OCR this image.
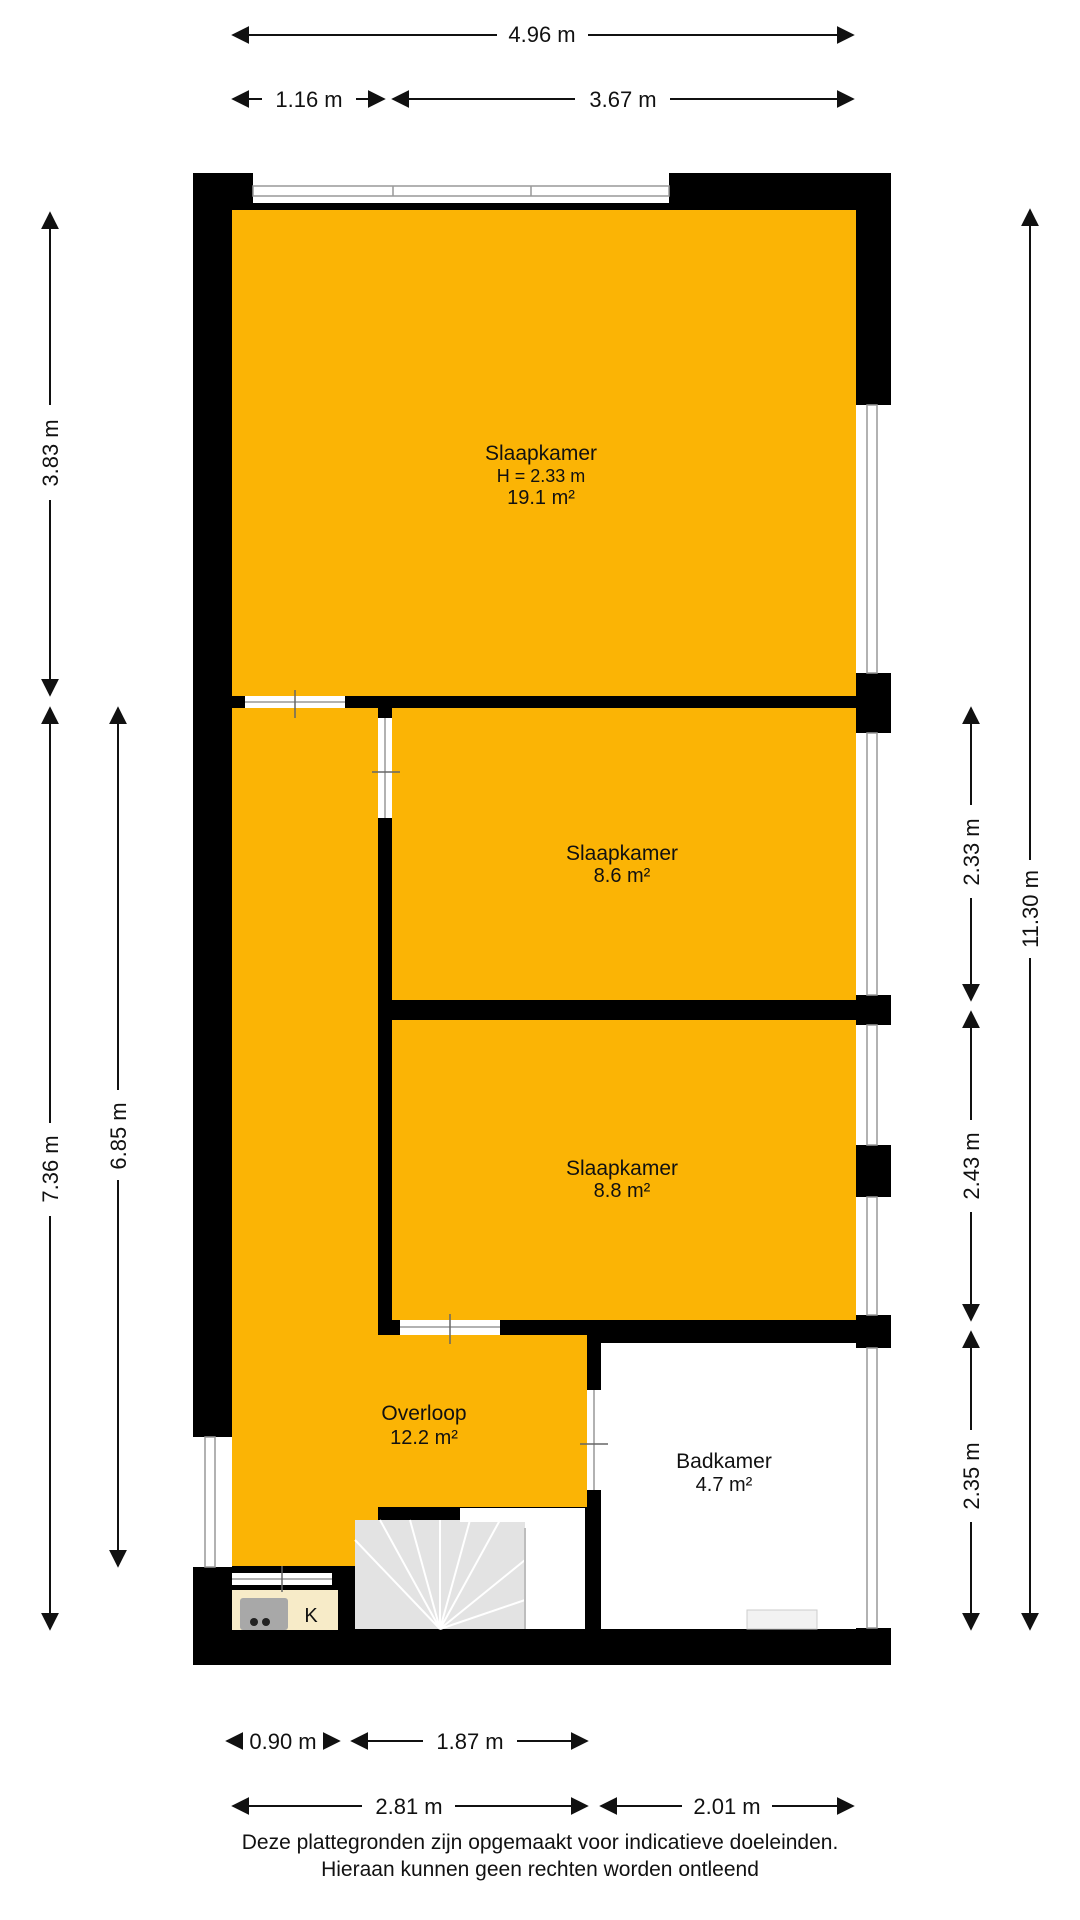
K
Slaapkamer
H = 2.33 m
19.1 m²
Slaapkamer
8.6 m²
Slaapkamer
8.8 m²
Overloop
12.2 m²
Badkamer
4.7 m²
4.96 m
1.16 m	3.67 m
3.83 m
7.36 m 6.85 m
11.30 m
2.33 m
2.43 m
2.35 m
0.90 m	1.87 m
2.81 m	2.01 m
Deze plattegronden zijn opgemaakt voor indicatieve doeleinden.
Hieraan kunnen geen rechten worden ontleend
